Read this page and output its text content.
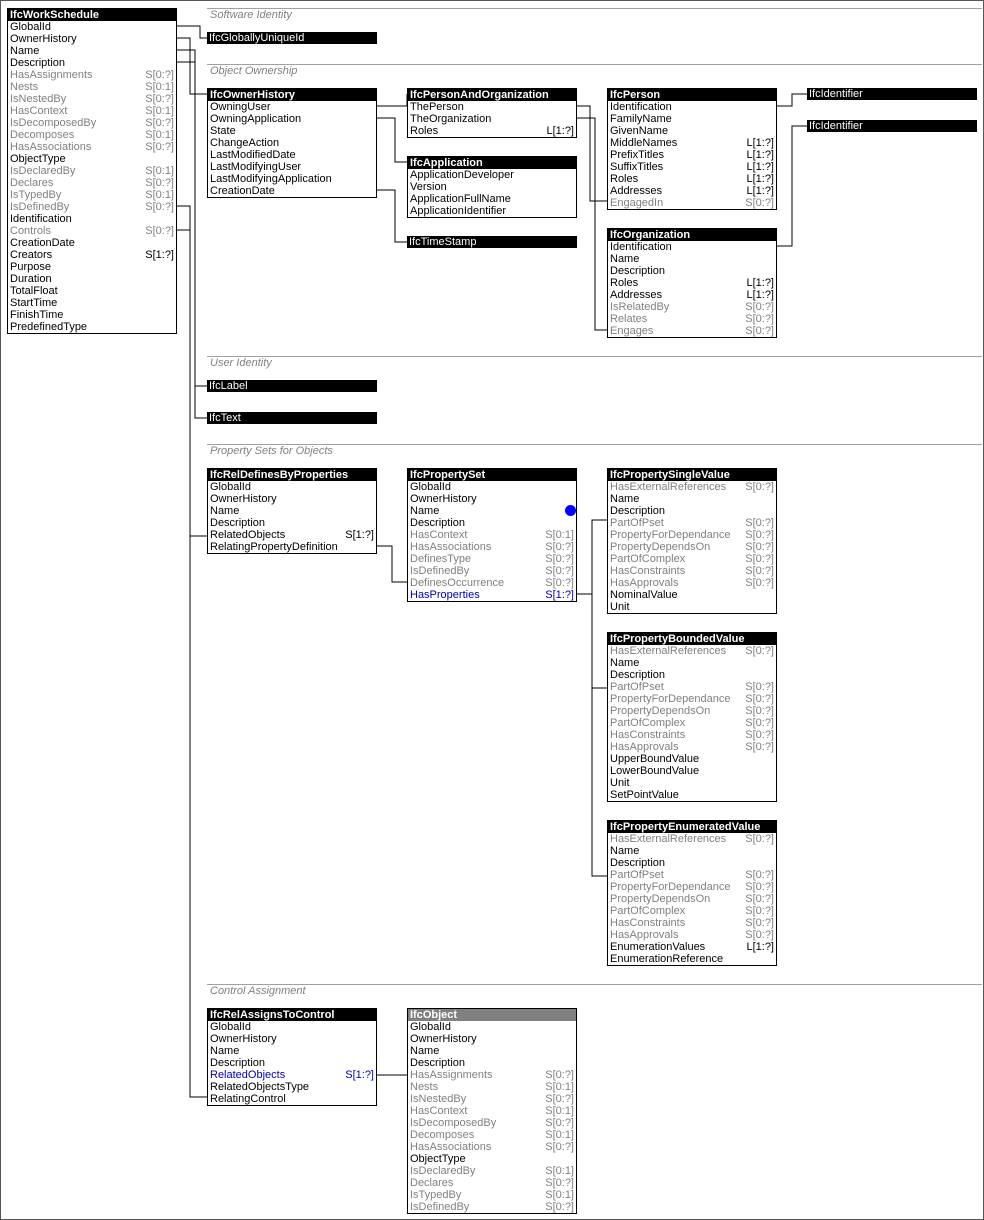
Software Identity
Object Ownership
User Identity
Property Sets for Objects
Control Assignment
IfcWorkSchedule
GlobalId
OwnerHistory
Name
Description
HasAssignments	S[0:?]
Nests	S[0:1]
IsNestedBy	S[0:?]
HasContext	S[0:1]
IsDecomposedBy	S[0:?]
Decomposes	S[0:1]
HasAssociations	S[0:?]
ObjectType
IsDeclaredBy	S[0:1]
Declares	S[0:?]
IsTypedBy	S[0:1]
IsDefinedBy	S[0:?]
Identification
Controls	S[0:?]
CreationDate
Creators	S[1:?]
Purpose
Duration
TotalFloat
StartTime
FinishTime
PredefinedType
IfcOwnerHistory
OwningUser
OwningApplication
State
ChangeAction
LastModifiedDate
LastModifyingUser
LastModifyingApplication
CreationDate
IfcPersonAndOrganization
ThePerson
TheOrganization
Roles	L[1:?]
IfcApplication
ApplicationDeveloper
Version
ApplicationFullName
ApplicationIdentifier
IfcPerson
Identification
FamilyName
GivenName
MiddleNames	L[1:?]
PrefixTitles	L[1:?]
SuffixTitles	L[1:?]
Roles	L[1:?]
Addresses	L[1:?]
EngagedIn	S[0:?]
IfcOrganization
Identification
Name
Description
Roles	L[1:?]
Addresses	L[1:?]
IsRelatedBy	S[0:?]
Relates	S[0:?]
Engages	S[0:?]
IfcRelDefinesByProperties
GlobalId
OwnerHistory
Name
Description
RelatedObjects	S[1:?]
RelatingPropertyDefinition
IfcPropertySet
GlobalId
OwnerHistory
Name
Description
HasContext	S[0:1]
HasAssociations	S[0:?]
DefinesType	S[0:?]
IsDefinedBy	S[0:?]
DefinesOccurrence	S[0:?]
HasProperties	S[1:?]
IfcPropertySingleValue
HasExternalReferences S[0:?]
Name
Description
PartOfPset	S[0:?]
PropertyForDependance S[0:?]
PropertyDependsOn	S[0:?]
PartOfComplex	S[0:?]
HasConstraints	S[0:?]
HasApprovals	S[0:?]
NominalValue
Unit
IfcPropertyBoundedValue
HasExternalReferences S[0:?]
Name
Description
PartOfPset	S[0:?]
PropertyForDependance S[0:?]
PropertyDependsOn	S[0:?]
PartOfComplex	S[0:?]
HasConstraints	S[0:?]
HasApprovals	S[0:?]
UpperBoundValue
LowerBoundValue
Unit
SetPointValue
IfcPropertyEnumeratedValue
HasExternalReferences S[0:?]
Name
Description
PartOfPset	S[0:?]
PropertyForDependance S[0:?]
PropertyDependsOn	S[0:?]
PartOfComplex	S[0:?]
HasConstraints	S[0:?]
HasApprovals	S[0:?]
EnumerationValues	L[1:?]
EnumerationReference
IfcRelAssignsToControl
GlobalId
OwnerHistory
Name
Description
RelatedObjects	S[1:?]
RelatedObjectsType
RelatingControl
IfcObject
GlobalId
OwnerHistory
Name
Description
HasAssignments	S[0:?]
Nests	S[0:1]
IsNestedBy	S[0:?]
HasContext	S[0:1]
IsDecomposedBy	S[0:?]
Decomposes	S[0:1]
HasAssociations	S[0:?]
ObjectType
IsDeclaredBy	S[0:1]
Declares	S[0:?]
IsTypedBy	S[0:1]
IsDefinedBy	S[0:?]
IfcGloballyUniqueId
IfcTimeStamp
IfcIdentifier
IfcIdentifier
IfcLabel
IfcText
